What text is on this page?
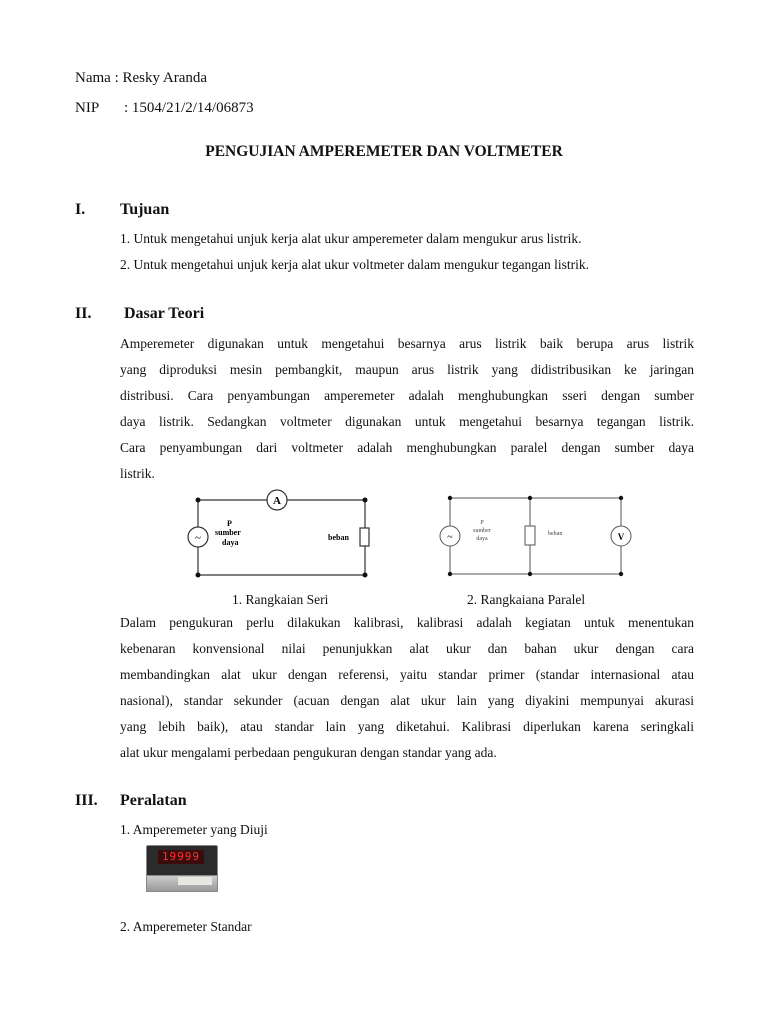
Nama : Resky Aranda
NIP : 1504/21/2/14/06873
PENGUJIAN AMPEREMETER DAN VOLTMETER
I. Tujuan
1. Untuk mengetahui unjuk kerja alat ukur amperemeter dalam mengukur arus listrik.
2. Untuk mengetahui unjuk kerja alat ukur voltmeter dalam mengukur tegangan listrik.
II. Dasar Teori
Amperemeter digunakan untuk mengetahui besarnya arus listrik baik berupa arus listrik
yang diproduksi mesin pembangkit, maupun arus listrik yang didistribusikan ke jaringan
distribusi. Cara penyambungan amperemeter adalah menghubungkan sseri dengan sumber
daya listrik. Sedangkan voltmeter digunakan untuk mengetahui besarnya tegangan listrik.
Cara penyambungan dari voltmeter adalah menghubungkan paralel dengan sumber daya
listrik.
A
~
P
sumber
daya
beban	~	V
P
sumber
daya
beban
1. Rangkaian Seri	2. Rangkaiana Paralel
Dalam pengukuran perlu dilakukan kalibrasi, kalibrasi adalah kegiatan untuk menentukan
kebenaran konvensional nilai penunjukkan alat ukur dan bahan ukur dengan cara
membandingkan alat ukur dengan referensi, yaitu standar primer (standar internasional atau
nasional), standar sekunder (acuan dengan alat ukur lain yang diyakini mempunyai akurasi
yang lebih baik), atau standar lain yang diketahui. Kalibrasi diperlukan karena seringkali
alat ukur mengalami perbedaan pengukuran dengan standar yang ada.
III. Peralatan
1. Amperemeter yang Diuji
19999
2. Amperemeter Standar
